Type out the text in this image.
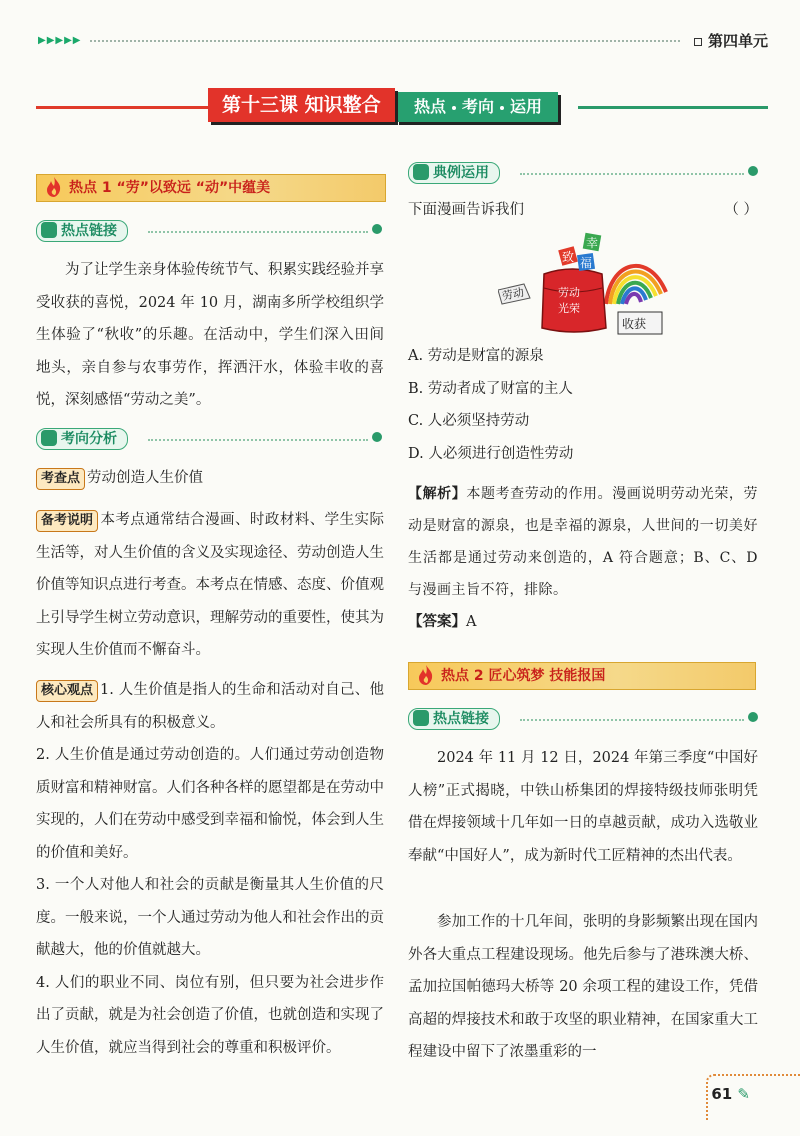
▶▶▶▶▶	第四单元
热点 考向 运用
第十三课 知识整合
热点 1 “劳”以致远 “动”中蕴美
热点链接
为了让学生亲身体验传统节气、积累实践经验并享受收获的喜悦，2024 年 10 月，湖南多所学校组织学生体验了“秋收”的乐趣。在活动中，学生们深入田间地头，亲自参与农事劳作，挥洒汗水，体验丰收的喜悦，深刻感悟“劳动之美”。
考向分析
考查点 劳动创造人生价值
备考说明 本考点通常结合漫画、时政材料、学生实际生活等，对人生价值的含义及实现途径、劳动创造人生价值等知识点进行考查。本考点在情感、态度、价值观上引导学生树立劳动意识，理解劳动的重要性，使其为实现人生价值而不懈奋斗。
核心观点 1. 人生价值是指人的生命和活动对自己、他人和社会所具有的积极意义。
2. 人生价值是通过劳动创造的。人们通过劳动创造物质财富和精神财富。人们各种各样的愿望都是在劳动中实现的，人们在劳动中感受到幸福和愉悦，体会到人生的价值和美好。
3. 一个人对他人和社会的贡献是衡量其人生价值的尺度。一般来说，一个人通过劳动为他人和社会作出的贡献越大，他的价值就越大。
4. 人们的职业不同、岗位有别，但只要为社会进步作出了贡献，就是为社会创造了价值，也就创造和实现了人生价值，就应当得到社会的尊重和积极评价。
典例运用
下面漫画告诉我们	（ ）
劳动	劳动
光荣
致
幸
福
收获
A. 劳动是财富的源泉
B. 劳动者成了财富的主人
C. 人必须坚持劳动
D. 人必须进行创造性劳动
【解析】本题考查劳动的作用。漫画说明劳动光荣，劳动是财富的源泉，也是幸福的源泉，人世间的一切美好生活都是通过劳动来创造的，A 符合题意；B、C、D 与漫画主旨不符，排除。
【答案】A
热点 2 匠心筑梦 技能报国
热点链接
2024 年 11 月 12 日，2024 年第三季度“中国好人榜”正式揭晓，中铁山桥集团的焊接特级技师张明凭借在焊接领域十几年如一日的卓越贡献，成功入选敬业奉献“中国好人”，成为新时代工匠精神的杰出代表。
参加工作的十几年间，张明的身影频繁出现在国内外各大重点工程建设现场。他先后参与了港珠澳大桥、孟加拉国帕德玛大桥等 20 余项工程的建设工作，凭借高超的焊接技术和敢于攻坚的职业精神，在国家重大工程建设中留下了浓墨重彩的一
61 ✎
